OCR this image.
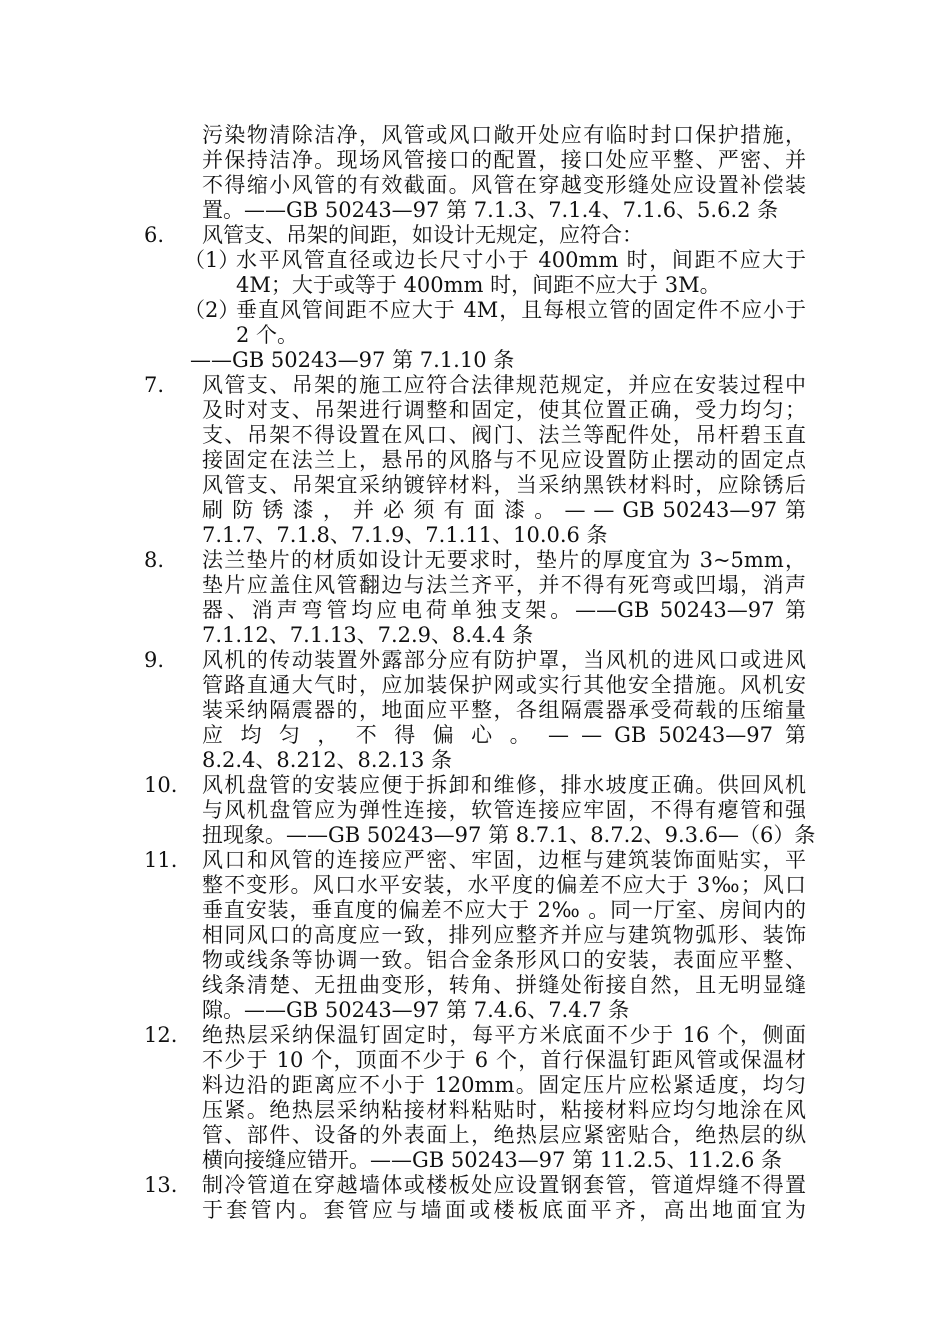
污染物清除洁净，风管或风口敞开处应有临时封口保护措施，
并保持洁净。现场风管接口的配置，接口处应平整、严密、并
不得缩小风管的有效截面。风管在穿越变形缝处应设置补偿装
置。——GB 50243—97 第 7.1.3、7.1.4、7.1.6、5.6.2 条
6. 风管支、吊架的间距，如设计无规定，应符合：
（1）
水平风管直径或边长尺寸小于 400mm 时，间距不应大于
4M；大于或等于 400mm 时，间距不应大于 3M。
（2）
垂直风管间距不应大于 4M，且每根立管的固定件不应小于
2 个。
——GB 50243—97 第 7.1.10 条
7. 风管支、吊架的施工应符合法律规范规定，并应在安装过程中
及时对支、吊架进行调整和固定，使其位置正确，受力均匀；
支、吊架不得设置在风口、阀门、法兰等配件处，吊杆碧玉直
接固定在法兰上，悬吊的风胳与不见应设置防止摆动的固定点
风管支、吊架宜采纳镀锌材料，当采纳黑铁材料时，应除锈后
刷 防 锈 漆 ， 并 必 须 有 面 漆 。 — — GB 50243—97 第
7.1.7、7.1.8、7.1.9、7.1.11、10.0.6 条
8. 法兰垫片的材质如设计无要求时，垫片的厚度宜为 3~5mm，
垫片应盖住风管翻边与法兰齐平，并不得有死弯或凹塌，消声
器、消声弯管均应电荷单独支架。——GB 50243—97 第
7.1.12、7.1.13、7.2.9、8.4.4 条
9. 风机的传动装置外露部分应有防护罩，当风机的进风口或进风
管路直通大气时，应加装保护网或实行其他安全措施。风机安
装采纳隔震器的，地面应平整，各组隔震器承受荷载的压缩量
应 均 匀 ， 不 得 偏 心 。 — — GB 50243—97 第
8.2.4、8.212、8.2.13 条
10. 风机盘管的安装应便于拆卸和维修，排水坡度正确。供回风机
与风机盘管应为弹性连接，软管连接应牢固，不得有瘪管和强
扭现象。——GB 50243—97 第 8.7.1、8.7.2、9.3.6—（6）条
11. 风口和风管的连接应严密、牢固，边框与建筑装饰面贴实，平
整不变形。风口水平安装，水平度的偏差不应大于 3‰；风口
垂直安装，垂直度的偏差不应大于 2‰ 。同一厅室、房间内的
相同风口的高度应一致，排列应整齐并应与建筑物弧形、装饰
物或线条等协调一致。铝合金条形风口的安装，表面应平整、
线条清楚、无扭曲变形，转角、拼缝处衔接自然，且无明显缝
隙。——GB 50243—97 第 7.4.6、7.4.7 条
12. 绝热层采纳保温钉固定时，每平方米底面不少于 16 个，侧面
不少于 10 个，顶面不少于 6 个，首行保温钉距风管或保温材
料边沿的距离应不小于 120mm。固定压片应松紧适度，均匀
压紧。绝热层采纳粘接材料粘贴时，粘接材料应均匀地涂在风
管、部件、设备的外表面上，绝热层应紧密贴合，绝热层的纵
横向接缝应错开。——GB 50243—97 第 11.2.5、11.2.6 条
13. 制冷管道在穿越墙体或楼板处应设置钢套管，管道焊缝不得置
于套管内。套管应与墙面或楼板底面平齐，高出地面宜为
